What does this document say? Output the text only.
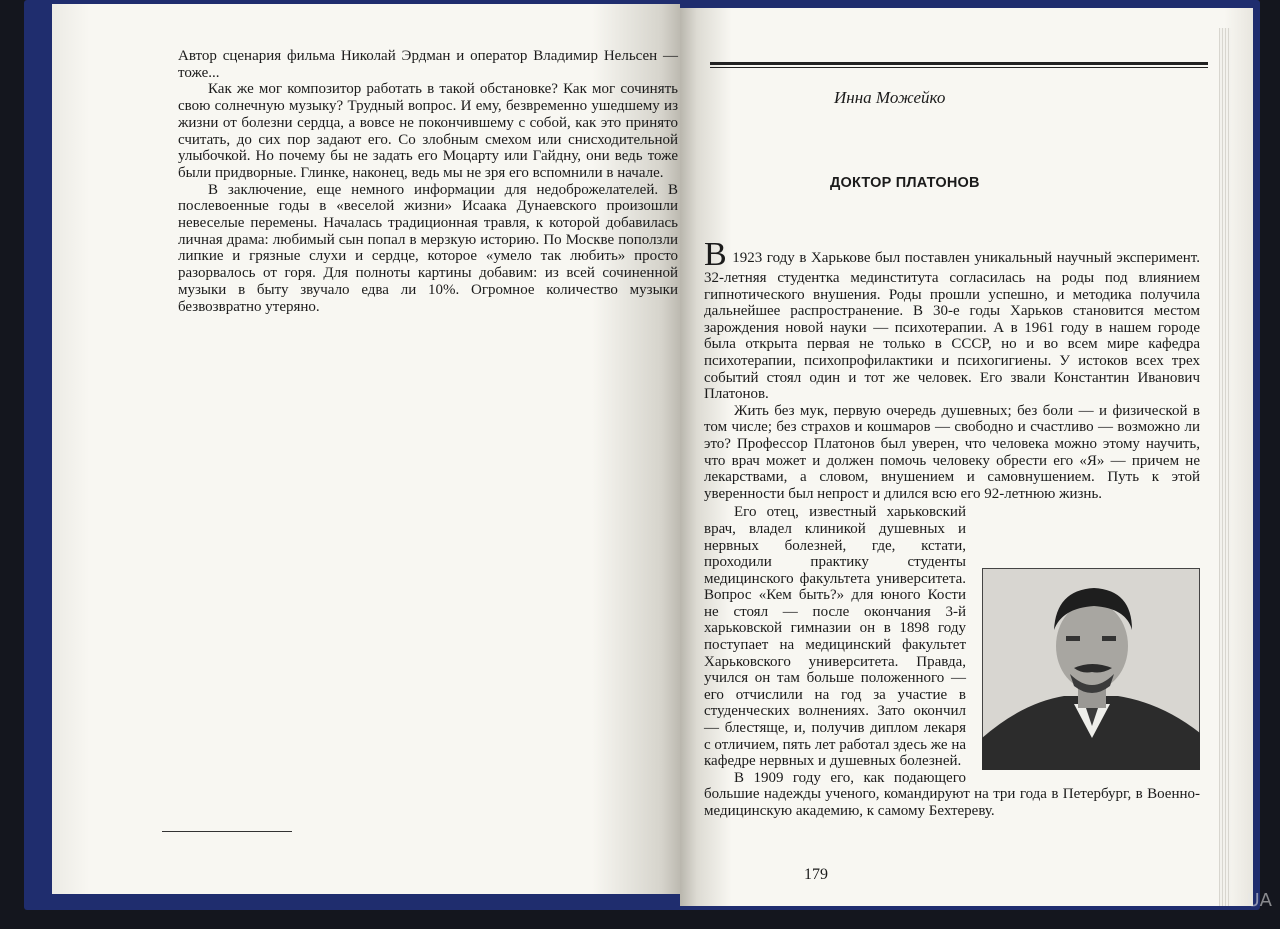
Автор сценария фильма Николай Эрдман и оператор Владимир Нельсен — тоже...

Как же мог композитор работать в такой обстановке? Как мог сочинять свою солнечную музыку? Трудный вопрос. И ему, безвременно ушедшему из жизни от болезни сердца, а вовсе не покончившему с собой, как это принято считать, до сих пор задают его. Со злобным смехом или снисходительной улыбочкой. Но почему бы не задать его Моцарту или Гайдну, они ведь тоже были придворные. Глинке, наконец, ведь мы не зря его вспомнили в начале.

В заключение, еще немного информации для недоброжелателей. В послевоенные годы в «веселой жизни» Исаака Дунаевского произошли невеселые перемены. Началась традиционная травля, к которой добавилась личная драма: любимый сын попал в мерзкую историю. По Москве поползли липкие и грязные слухи и сердце, которое «умело так любить» просто разорвалось от горя. Для полноты картины добавим: из всей сочиненной музыки в быту звучало едва ли 10%. Огромное количество музыки безвозвратно утеряно.

Инна Можейко
ДОКТОР ПЛАТОНОВ

В 1923 году в Харькове был поставлен уникальный научный эксперимент. 32-летняя студентка мединститута согласилась на роды под влиянием гипнотического внушения. Роды прошли успешно, и методика получила дальнейшее распространение. В 30-е годы Харьков становится местом зарождения новой науки — психотерапии. А в 1961 году в нашем городе была открыта первая не только в СССР, но и во всем мире кафедра психотерапии, психопрофилактики и психогигиены. У истоков всех трех событий стоял один и тот же человек. Его звали Константин Иванович Платонов.

Жить без мук, первую очередь душевных; без боли — и физической в том числе; без страхов и кошмаров — свободно и счастливо — возможно ли это? Профессор Платонов был уверен, что человека можно этому научить, что врач может и должен помочь человеку обрести его «Я» — причем не лекарствами, а словом, внушением и самовнушением. Путь к этой уверенности был непрост и длился всю его 92-летнюю жизнь.

Его отец, известный харьковский врач, владел клиникой душевных и нервных болезней, где, кстати, проходили практику студенты медицинского факультета университета. Вопрос «Кем быть?» для юного Кости не стоял — после окончания 3-й харьковской гимназии он в 1898 году поступает на медицинский факультет Харьковского университета. Правда, учился он там больше положенного — его отчислили на год за участие в студенческих волнениях. Зато окончил — блестяще, и, получив диплом лекаря с отличием, пять лет работал здесь же на кафедре нервных и душевных болезней.

В 1909 году его, как подающего большие надежды ученого, командируют на три года в Петербург, в Военно-медицинскую академию, к самому Бехтереву.

179
UA
